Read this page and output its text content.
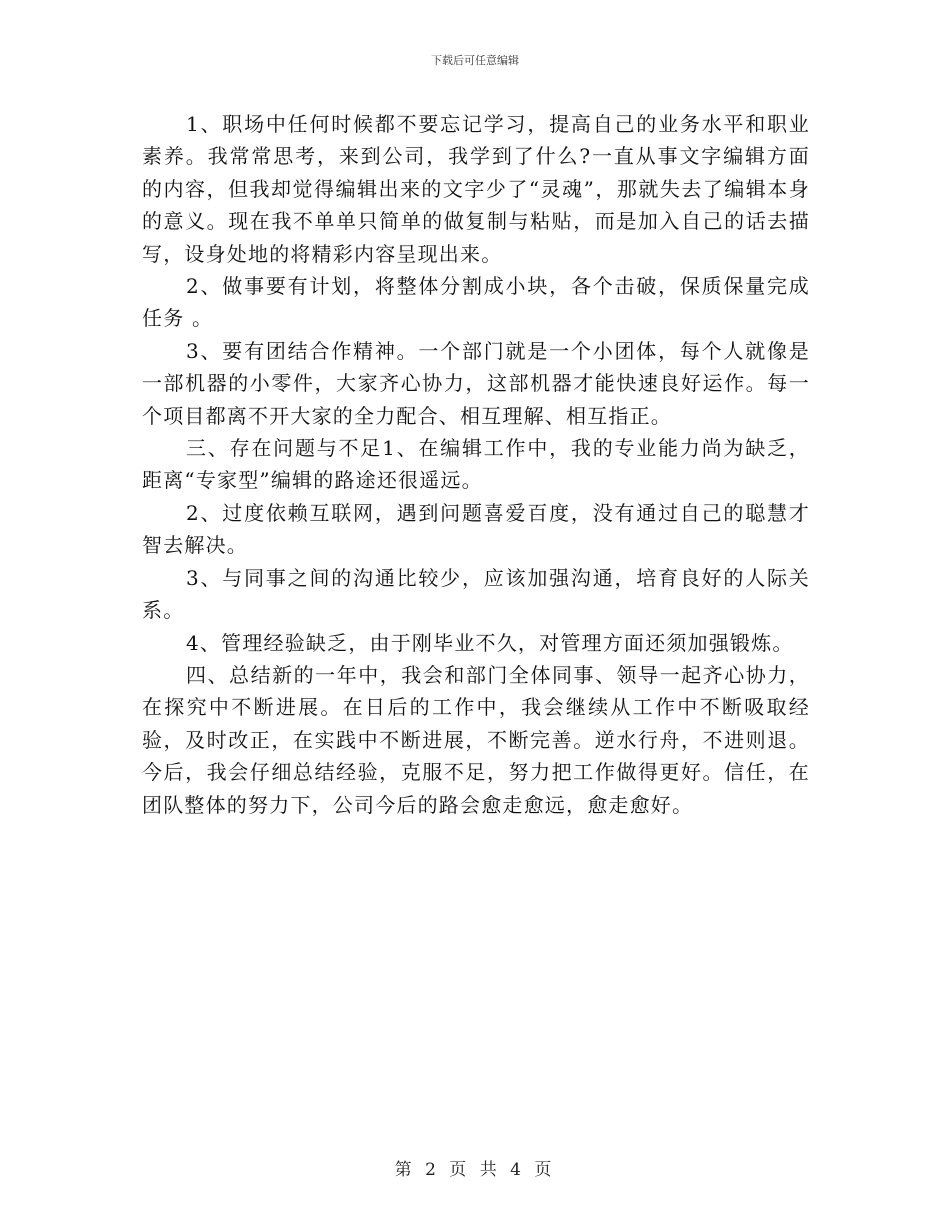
下载后可任意编辑

1、职场中任何时候都不要忘记学习，提高自己的业务水平和职业素养。我常常思考，来到公司，我学到了什么?一直从事文字编辑方面的内容，但我却觉得编辑出来的文字少了“灵魂”，那就失去了编辑本身的意义。现在我不单单只简单的做复制与粘贴，而是加入自己的话去描写，设身处地的将精彩内容呈现出来。

2、做事要有计划，将整体分割成小块，各个击破，保质保量完成任务 。

3、要有团结合作精神。一个部门就是一个小团体，每个人就像是一部机器的小零件，大家齐心协力，这部机器才能快速良好运作。每一个项目都离不开大家的全力配合、相互理解、相互指正。

三、存在问题与不足1、在编辑工作中，我的专业能力尚为缺乏，距离“专家型”编辑的路途还很遥远。

2、过度依赖互联网，遇到问题喜爱百度，没有通过自己的聪慧才智去解决。

3、与同事之间的沟通比较少，应该加强沟通，培育良好的人际关系。

4、管理经验缺乏，由于刚毕业不久，对管理方面还须加强锻炼。

四、总结新的一年中，我会和部门全体同事、领导一起齐心协力，在探究中不断进展。在日后的工作中，我会继续从工作中不断吸取经验，及时改正，在实践中不断进展，不断完善。逆水行舟，不进则退。今后，我会仔细总结经验，克服不足，努力把工作做得更好。信任，在团队整体的努力下，公司今后的路会愈走愈远，愈走愈好。

第 2 页 共 4 页
